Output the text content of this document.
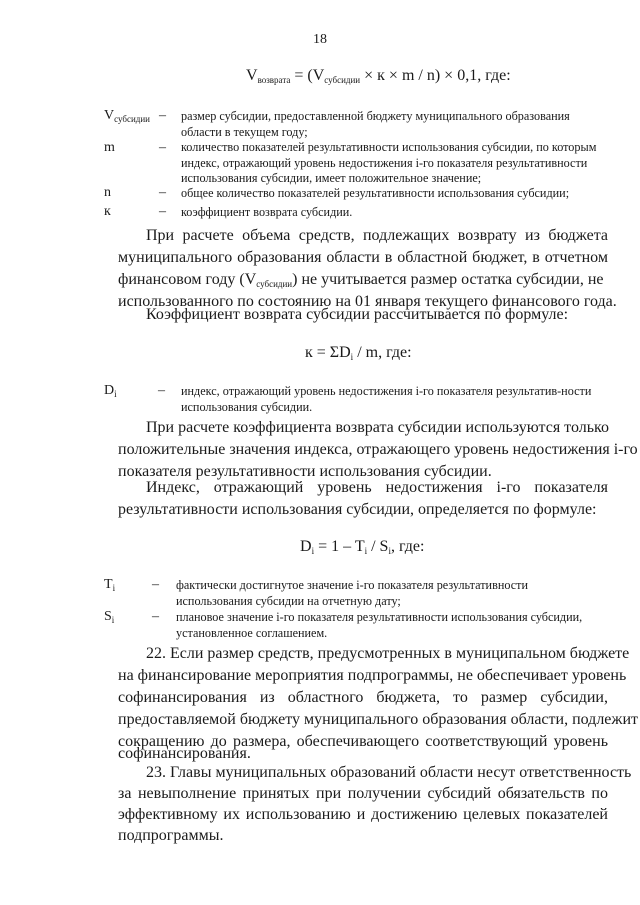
18
$V_{возврата} = (V_{субсидии} \times к \times m / n) \times 0,1$, где:
$V_{субсидии}$ – размер субсидии, предоставленной бюджету муниципального образования области в текущем году;
m	– количество показателей результативности использования субсидии, по которым индекс, отражающий уровень недостижения i-го показателя результативности использования субсидии, имеет положительное значение;
n	– общее количество показателей результативности использования субсидии;
к	– коэффициент возврата субсидии.
При расчете объема средств, подлежащих возврату из бюджета
муниципального образования области в областной бюджет, в отчетном
финансовом году $(V_{субсидии})$ не учитывается размер остатка субсидии, не
использованного по состоянию на 01 января текущего финансового года.
Коэффициент возврата субсидии рассчитывается по формуле:
$к = \Sigma D_i / m$, где:
$D_i$	– индекс, отражающий уровень недостижения i-го показателя результатив-ности использования субсидии.
При расчете коэффициента возврата субсидии используются только
положительные значения индекса, отражающего уровень недостижения i-го
показателя результативности использования субсидии.
Индекс, отражающий уровень недостижения i-го показателя
результативности использования субсидии, определяется по формуле:
$D_i = 1 - T_i / S_i$, где:
$T_i$	– фактически достигнутое значение i-го показателя результативности использования субсидии на отчетную дату;
$S_i$	– плановое значение i-го показателя результативности использования субсидии, установленное соглашением.
22. Если размер средств, предусмотренных в муниципальном бюджете
на финансирование мероприятия подпрограммы, не обеспечивает уровень
софинансирования из областного бюджета, то размер субсидии,
предоставляемой бюджету муниципального образования области, подлежит
сокращению до размера, обеспечивающего соответствующий уровень
софинансирования.
23. Главы муниципальных образований области несут ответственность
за невыполнение принятых при получении субсидий обязательств по
эффективному их использованию и достижению целевых показателей
подпрограммы.
